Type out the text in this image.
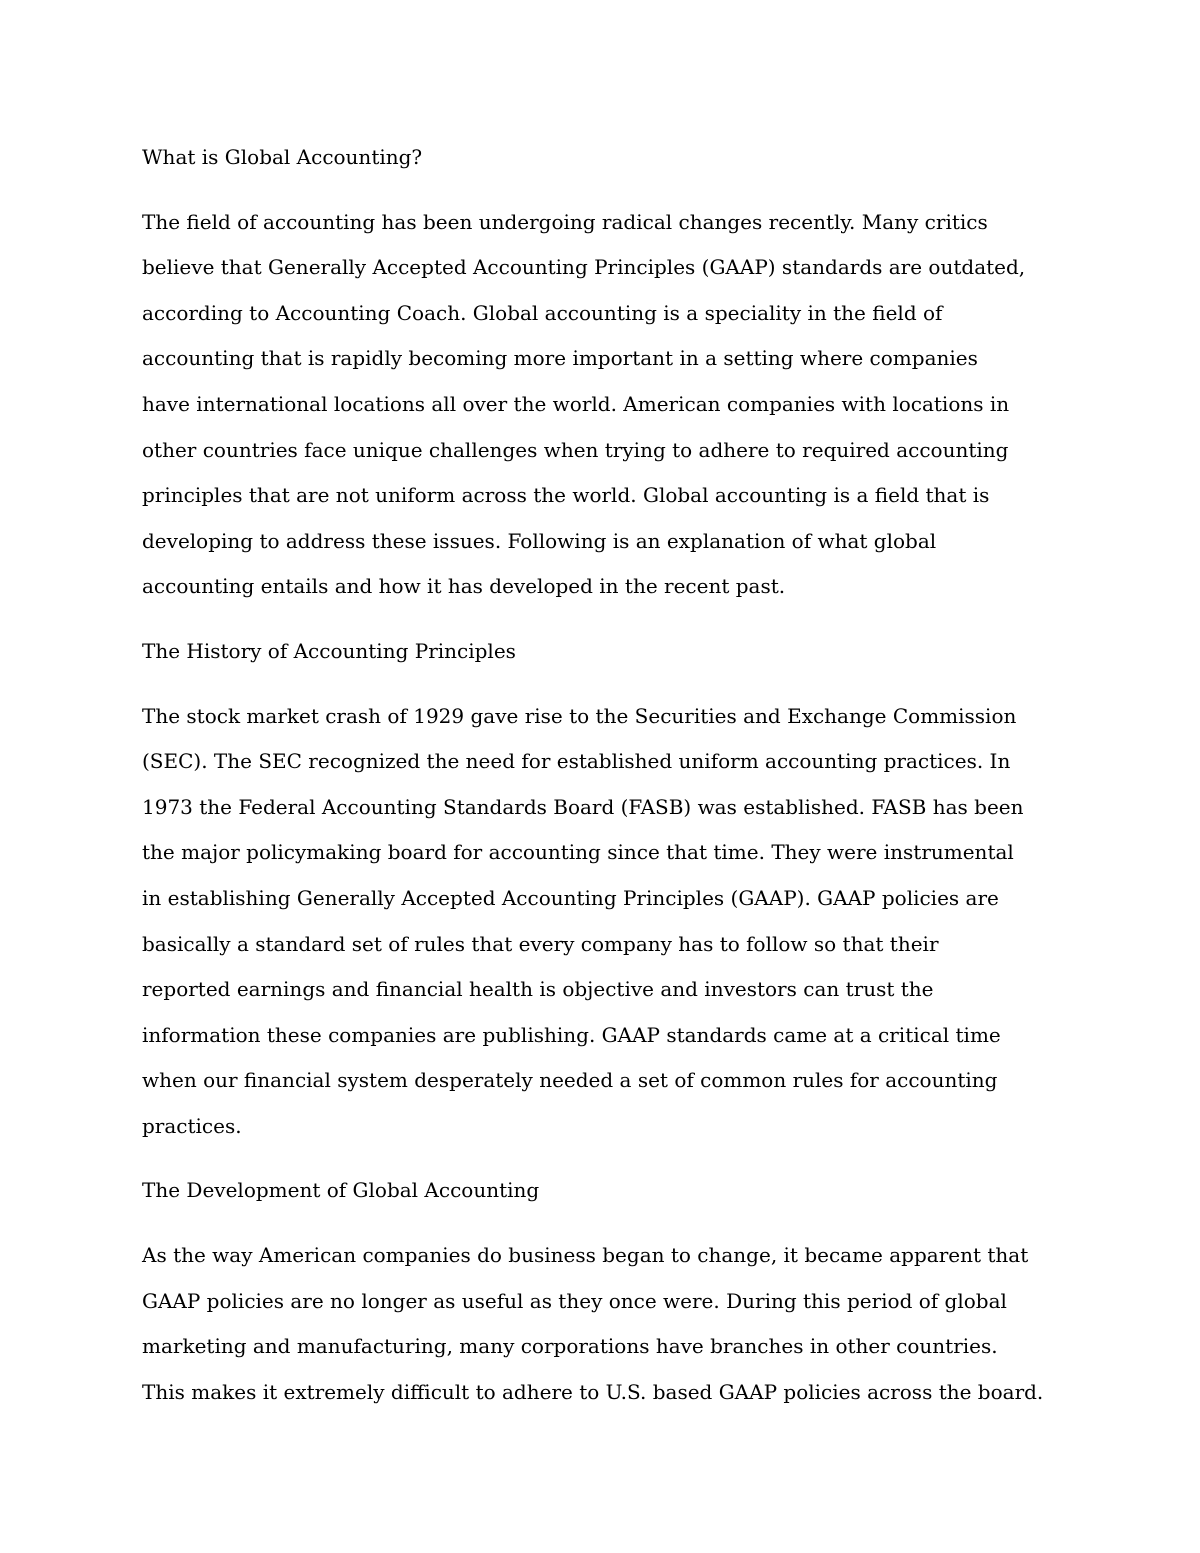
What is Global Accounting?

The field of accounting has been undergoing radical changes recently. Many critics
believe that Generally Accepted Accounting Principles (GAAP) standards are outdated,
according to Accounting Coach. Global accounting is a speciality in the field of
accounting that is rapidly becoming more important in a setting where companies
have international locations all over the world. American companies with locations in
other countries face unique challenges when trying to adhere to required accounting
principles that are not uniform across the world. Global accounting is a field that is
developing to address these issues. Following is an explanation of what global
accounting entails and how it has developed in the recent past.

The History of Accounting Principles

The stock market crash of 1929 gave rise to the Securities and Exchange Commission
(SEC). The SEC recognized the need for established uniform accounting practices. In
1973 the Federal Accounting Standards Board (FASB) was established. FASB has been
the major policymaking board for accounting since that time. They were instrumental
in establishing Generally Accepted Accounting Principles (GAAP). GAAP policies are
basically a standard set of rules that every company has to follow so that their
reported earnings and financial health is objective and investors can trust the
information these companies are publishing. GAAP standards came at a critical time
when our financial system desperately needed a set of common rules for accounting
practices.

The Development of Global Accounting

As the way American companies do business began to change, it became apparent that
GAAP policies are no longer as useful as they once were. During this period of global
marketing and manufacturing, many corporations have branches in other countries.
This makes it extremely difficult to adhere to U.S. based GAAP policies across the board.
